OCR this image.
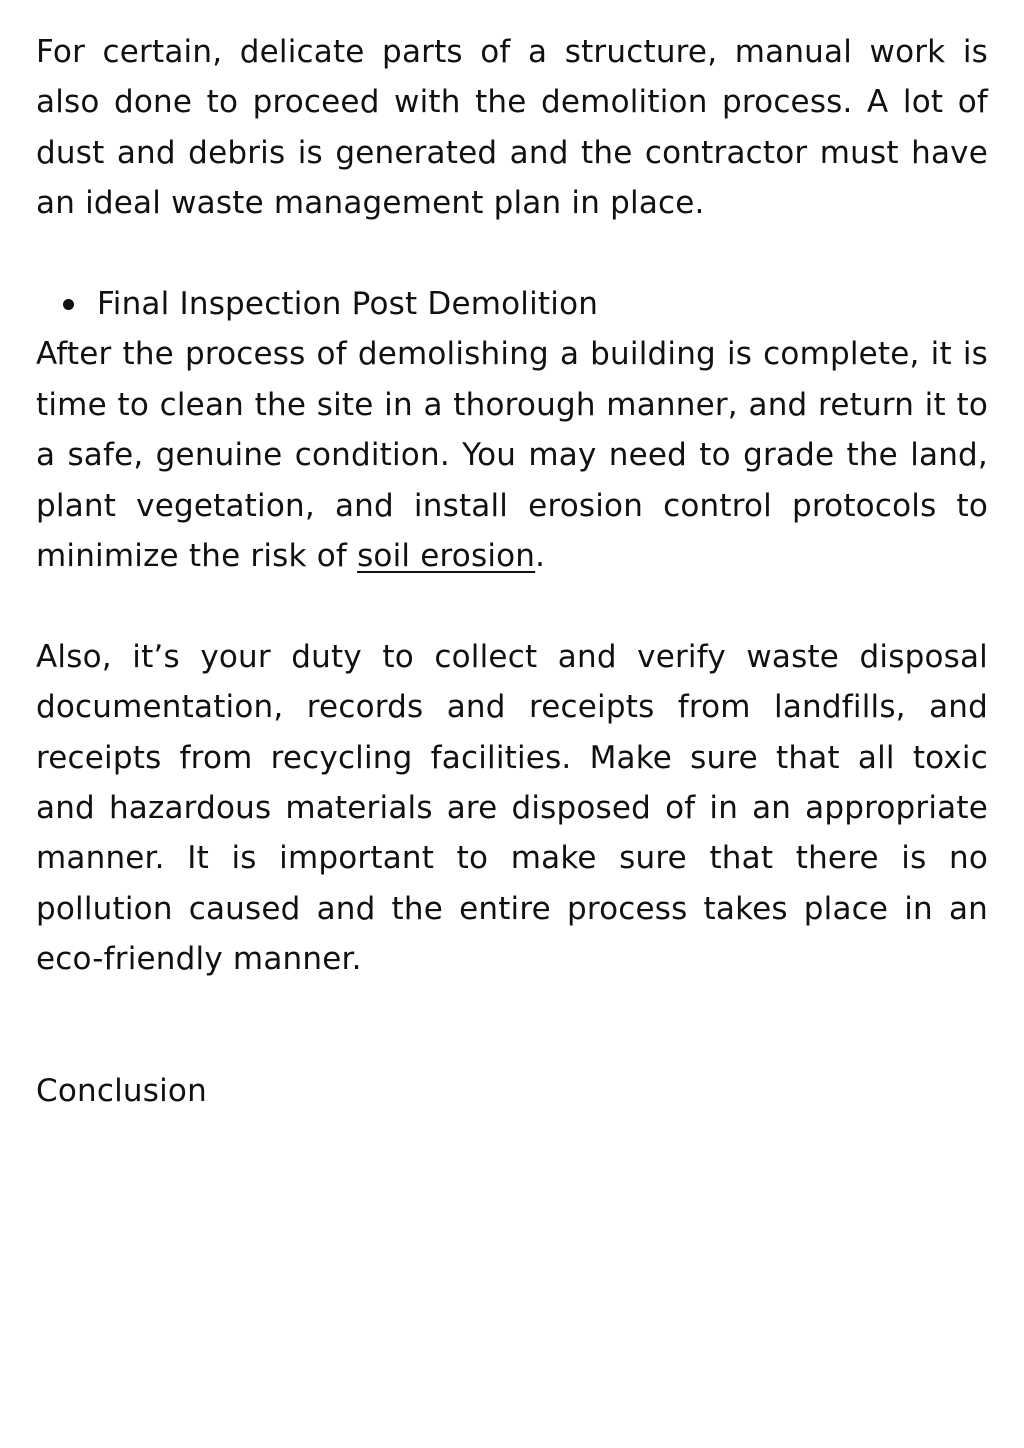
For certain, delicate parts of a structure, manual work is also done to proceed with the demolition process. A lot of dust and debris is generated and the contractor must have an ideal waste management plan in place.

Final Inspection Post Demolition

After the process of demolishing a building is complete, it is time to clean the site in a thorough manner, and return it to a safe, genuine condition. You may need to grade the land, plant vegetation, and install erosion control protocols to minimize the risk of soil erosion.

Also, it’s your duty to collect and verify waste disposal documentation, records and receipts from landfills, and receipts from recycling facilities. Make sure that all toxic and hazardous materials are disposed of in an appropriate manner. It is important to make sure that there is no pollution caused and the entire process takes place in an eco-friendly manner.

Conclusion
